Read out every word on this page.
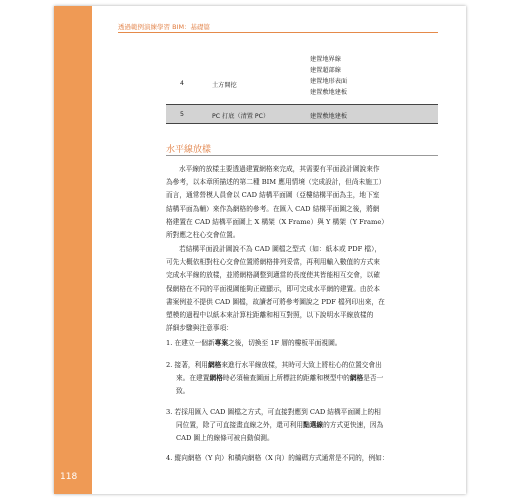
118
透過範例演練學習 BIM：基礎篇
4	土方開挖
建置地界線
建置超部線
建置地形表面
建置敷地建板
5	PC 打底（清置 PC）	建置敷地建板
水平線放樣

水平線的放樣主要透過建置網格來完成，其需要有平面設計圖說來作
為參考，以本章所描述的第二種 BIM 應用情境（完成設計，但尚未施工）
而言，通常營模人員會以 CAD 結構平面圖（亞樓結構平面為主，地下室
結構平面為輔）來作為網格的參考。在匯入 CAD 結構平面圖之後，將網
格建置在 CAD 結構平面圖上 X 構架（X Frame）與 Y 構架（Y Frame）
所對應之柱心交會位置。

若結構平面設計圖說不為 CAD 圖檔之型式（如：紙本或 PDF 檔），
可先大概依相對柱心交會位置將網格排列妥當，再利用輸入數值的方式來
完成水平線的放樣，並將網格調整到適當的長度使其皆能相互交會，以確
保網格在不同的平面視圖能夠正確顯示，即可完成水平網的建置。由於本
書案例並不提供 CAD 圖檔，故讀者可將參考圖說之 PDF 檔列印出來，在
塑模的過程中以紙本來計算柱距離和相互對照，以下說明水平線放樣的
詳細步驟與注意事項：

1. 在建立一個新專案之後，切換至 1F 層的樓板平面視圖。
2. 接著，利用網格來進行水平線放樣，其時可大致上將柱心的位置交會出
來。在建置網格時必須檢查圖面上所標註的距離和模型中的網格是否一
致。
3. 若採用匯入 CAD 圖檔之方式，可直接對應到 CAD 結構平面圖上的相
同位置，除了可直接畫直線之外，還可利用點選線的方式更快速，因為
CAD 圖上的線條可被自動偵測。
4. 縱向網格（Y 向）和橫向網格（X 向）的編碼方式通常是不同的，例如：
